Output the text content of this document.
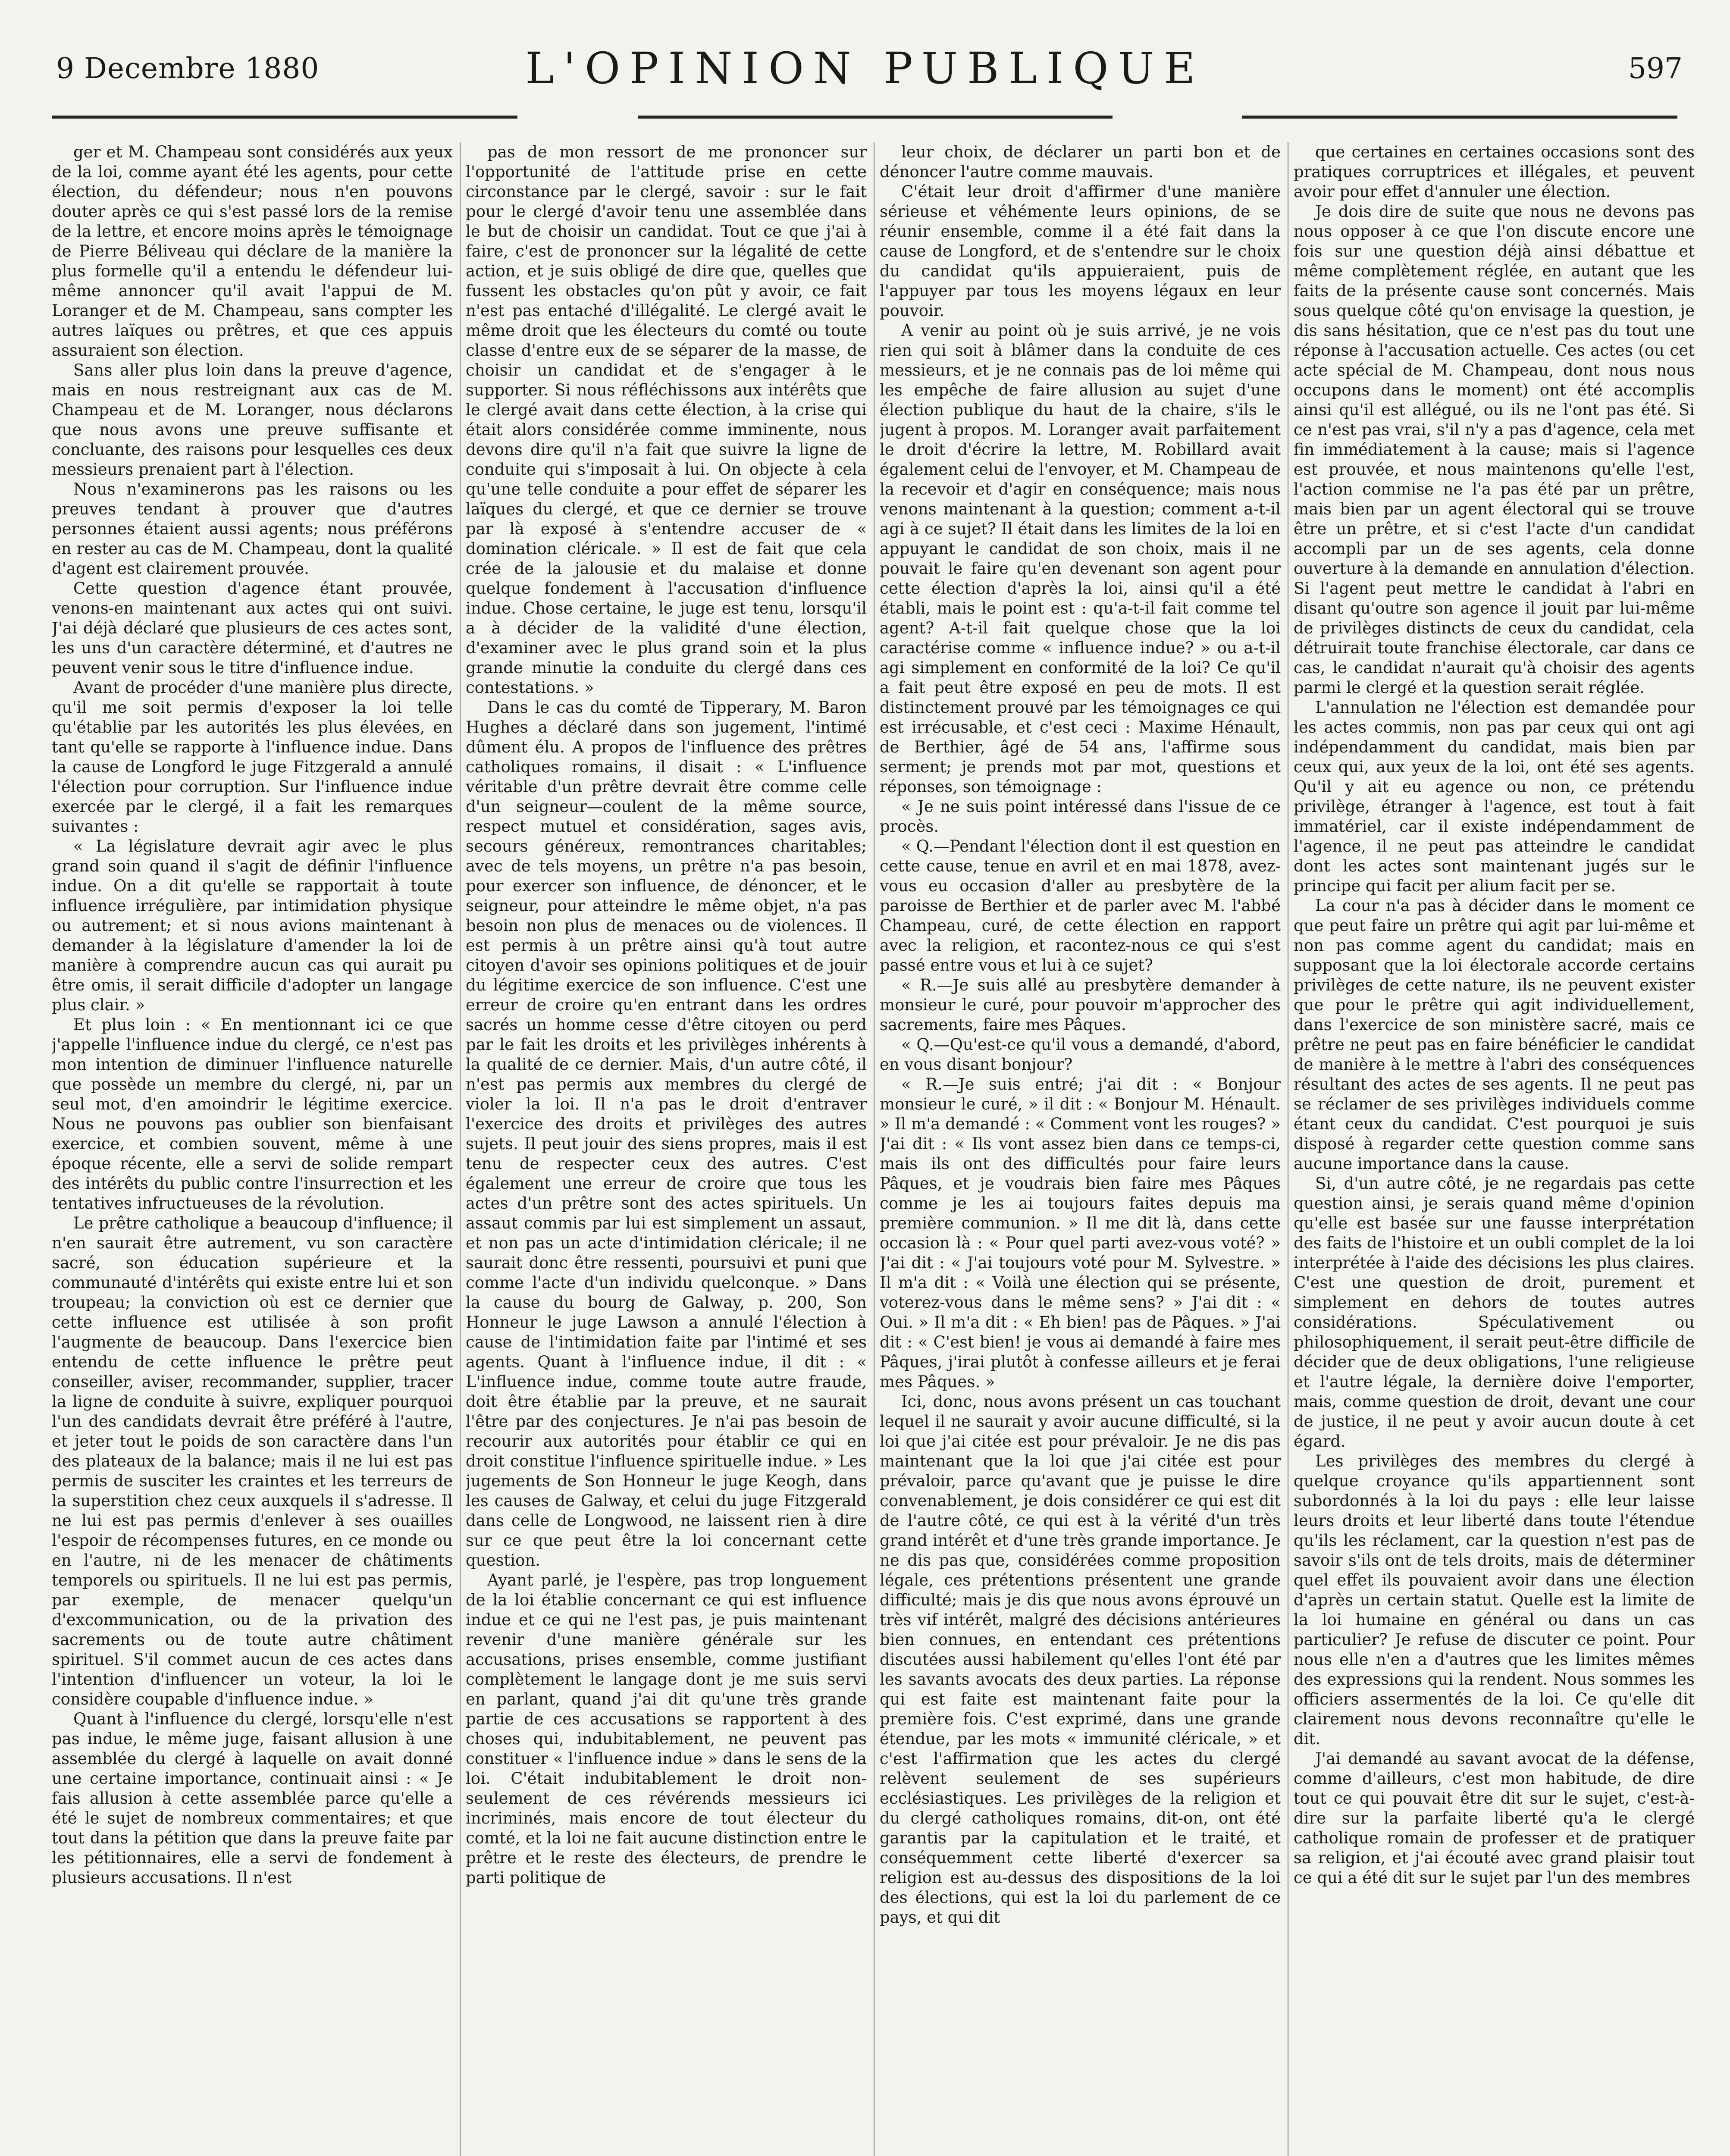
9 Decembre 1880	L'OPINION PUBLIQUE	597

ger et M. Champeau sont considérés aux yeux de la loi, comme ayant été les agents, pour cette élection, du défendeur; nous n'en pouvons douter après ce qui s'est passé lors de la remise de la lettre, et encore moins après le témoignage de Pierre Béliveau qui déclare de la manière la plus formelle qu'il a entendu le défendeur lui-même annoncer qu'il avait l'appui de M. Loranger et de M. Champeau, sans compter les autres laïques ou prêtres, et que ces appuis assuraient son élection.

Sans aller plus loin dans la preuve d'agence, mais en nous restreignant aux cas de M. Champeau et de M. Loranger, nous déclarons que nous avons une preuve suffisante et concluante, des raisons pour lesquelles ces deux messieurs prenaient part à l'élection.

Nous n'examinerons pas les raisons ou les preuves tendant à prouver que d'autres personnes étaient aussi agents; nous préférons en rester au cas de M. Champeau, dont la qualité d'agent est clairement prouvée.

Cette question d'agence étant prouvée, venons-en maintenant aux actes qui ont suivi. J'ai déjà déclaré que plusieurs de ces actes sont, les uns d'un caractère déterminé, et d'autres ne peuvent venir sous le titre d'influence indue.

Avant de procéder d'une manière plus directe, qu'il me soit permis d'exposer la loi telle qu'établie par les autorités les plus élevées, en tant qu'elle se rapporte à l'influence indue. Dans la cause de Longford le juge Fitzgerald a annulé l'élection pour corruption. Sur l'influence indue exercée par le clergé, il a fait les remarques suivantes :

« La législature devrait agir avec le plus grand soin quand il s'agit de définir l'influence indue. On a dit qu'elle se rapportait à toute influence irrégulière, par intimidation physique ou autrement; et si nous avions maintenant à demander à la législature d'amender la loi de manière à comprendre aucun cas qui aurait pu être omis, il serait difficile d'adopter un langage plus clair. »

Et plus loin : « En mentionnant ici ce que j'appelle l'influence indue du clergé, ce n'est pas mon intention de diminuer l'influence naturelle que possède un membre du clergé, ni, par un seul mot, d'en amoindrir le légitime exercice. Nous ne pouvons pas oublier son bienfaisant exercice, et combien souvent, même à une époque récente, elle a servi de solide rempart des intérêts du public contre l'insurrection et les tentatives infructueuses de la révolution.

Le prêtre catholique a beaucoup d'influence; il n'en saurait être autrement, vu son caractère sacré, son éducation supérieure et la communauté d'intérêts qui existe entre lui et son troupeau; la conviction où est ce dernier que cette influence est utilisée à son profit l'augmente de beaucoup. Dans l'exercice bien entendu de cette influence le prêtre peut conseiller, aviser, recommander, supplier, tracer la ligne de conduite à suivre, expliquer pourquoi l'un des candidats devrait être préféré à l'autre, et jeter tout le poids de son caractère dans l'un des plateaux de la balance; mais il ne lui est pas permis de susciter les craintes et les terreurs de la superstition chez ceux auxquels il s'adresse. Il ne lui est pas permis d'enlever à ses ouailles l'espoir de récompenses futures, en ce monde ou en l'autre, ni de les menacer de châtiments temporels ou spirituels. Il ne lui est pas permis, par exemple, de menacer quelqu'un d'excommunication, ou de la privation des sacrements ou de toute autre châtiment spirituel. S'il commet aucun de ces actes dans l'intention d'influencer un voteur, la loi le considère coupable d'influence indue. »

Quant à l'influence du clergé, lorsqu'elle n'est pas indue, le même juge, faisant allusion à une assemblée du clergé à laquelle on avait donné une certaine importance, continuait ainsi : « Je fais allusion à cette assemblée parce qu'elle a été le sujet de nombreux commentaires; et que tout dans la pétition que dans la preuve faite par les pétitionnaires, elle a servi de fondement à plusieurs accusations. Il n'est

pas de mon ressort de me prononcer sur l'opportunité de l'attitude prise en cette circonstance par le clergé, savoir : sur le fait pour le clergé d'avoir tenu une assemblée dans le but de choisir un candidat. Tout ce que j'ai à faire, c'est de prononcer sur la légalité de cette action, et je suis obligé de dire que, quelles que fussent les obstacles qu'on pût y avoir, ce fait n'est pas entaché d'illégalité. Le clergé avait le même droit que les électeurs du comté ou toute classe d'entre eux de se séparer de la masse, de choisir un candidat et de s'engager à le supporter. Si nous réfléchissons aux intérêts que le clergé avait dans cette élection, à la crise qui était alors considérée comme imminente, nous devons dire qu'il n'a fait que suivre la ligne de conduite qui s'imposait à lui. On objecte à cela qu'une telle conduite a pour effet de séparer les laïques du clergé, et que ce dernier se trouve par là exposé à s'entendre accuser de « domination cléricale. » Il est de fait que cela crée de la jalousie et du malaise et donne quelque fondement à l'accusation d'influence indue. Chose certaine, le juge est tenu, lorsqu'il a à décider de la validité d'une élection, d'examiner avec le plus grand soin et la plus grande minutie la conduite du clergé dans ces contestations. »

Dans le cas du comté de Tipperary, M. Baron Hughes a déclaré dans son jugement, l'intimé dûment élu. A propos de l'influence des prêtres catholiques romains, il disait : « L'influence véritable d'un prêtre devrait être comme celle d'un seigneur—coulent de la même source, respect mutuel et considération, sages avis, secours généreux, remontrances charitables; avec de tels moyens, un prêtre n'a pas besoin, pour exercer son influence, de dénoncer, et le seigneur, pour atteindre le même objet, n'a pas besoin non plus de menaces ou de violences. Il est permis à un prêtre ainsi qu'à tout autre citoyen d'avoir ses opinions politiques et de jouir du légitime exercice de son influence. C'est une erreur de croire qu'en entrant dans les ordres sacrés un homme cesse d'être citoyen ou perd par le fait les droits et les privilèges inhérents à la qualité de ce dernier. Mais, d'un autre côté, il n'est pas permis aux membres du clergé de violer la loi. Il n'a pas le droit d'entraver l'exercice des droits et privilèges des autres sujets. Il peut jouir des siens propres, mais il est tenu de respecter ceux des autres. C'est également une erreur de croire que tous les actes d'un prêtre sont des actes spirituels. Un assaut commis par lui est simplement un assaut, et non pas un acte d'intimidation cléricale; il ne saurait donc être ressenti, poursuivi et puni que comme l'acte d'un individu quelconque. » Dans la cause du bourg de Galway, p. 200, Son Honneur le juge Lawson a annulé l'élection à cause de l'intimidation faite par l'intimé et ses agents. Quant à l'influence indue, il dit : « L'influence indue, comme toute autre fraude, doit être établie par la preuve, et ne saurait l'être par des conjectures. Je n'ai pas besoin de recourir aux autorités pour établir ce qui en droit constitue l'influence spirituelle indue. » Les jugements de Son Honneur le juge Keogh, dans les causes de Galway, et celui du juge Fitzgerald dans celle de Longwood, ne laissent rien à dire sur ce que peut être la loi concernant cette question.

Ayant parlé, je l'espère, pas trop longuement de la loi établie concernant ce qui est influence indue et ce qui ne l'est pas, je puis maintenant revenir d'une manière générale sur les accusations, prises ensemble, comme justifiant complètement le langage dont je me suis servi en parlant, quand j'ai dit qu'une très grande partie de ces accusations se rapportent à des choses qui, indubitablement, ne peuvent pas constituer « l'influence indue » dans le sens de la loi. C'était indubitablement le droit non-seulement de ces révérends messieurs ici incriminés, mais encore de tout électeur du comté, et la loi ne fait aucune distinction entre le prêtre et le reste des électeurs, de prendre le parti politique de

leur choix, de déclarer un parti bon et de dénoncer l'autre comme mauvais.

C'était leur droit d'affirmer d'une manière sérieuse et véhémente leurs opinions, de se réunir ensemble, comme il a été fait dans la cause de Longford, et de s'entendre sur le choix du candidat qu'ils appuieraient, puis de l'appuyer par tous les moyens légaux en leur pouvoir.

A venir au point où je suis arrivé, je ne vois rien qui soit à blâmer dans la conduite de ces messieurs, et je ne connais pas de loi même qui les empêche de faire allusion au sujet d'une élection publique du haut de la chaire, s'ils le jugent à propos. M. Loranger avait parfaitement le droit d'écrire la lettre, M. Robillard avait également celui de l'envoyer, et M. Champeau de la recevoir et d'agir en conséquence; mais nous venons maintenant à la question; comment a-t-il agi à ce sujet? Il était dans les limites de la loi en appuyant le candidat de son choix, mais il ne pouvait le faire qu'en devenant son agent pour cette élection d'après la loi, ainsi qu'il a été établi, mais le point est : qu'a-t-il fait comme tel agent? A-t-il fait quelque chose que la loi caractérise comme « influence indue? » ou a-t-il agi simplement en conformité de la loi? Ce qu'il a fait peut être exposé en peu de mots. Il est distinctement prouvé par les témoignages ce qui est irrécusable, et c'est ceci : Maxime Hénault, de Berthier, âgé de 54 ans, l'affirme sous serment; je prends mot par mot, questions et réponses, son témoignage :

« Je ne suis point intéressé dans l'issue de ce procès.

« Q.—Pendant l'élection dont il est question en cette cause, tenue en avril et en mai 1878, avez-vous eu occasion d'aller au presbytère de la paroisse de Berthier et de parler avec M. l'abbé Champeau, curé, de cette élection en rapport avec la religion, et racontez-nous ce qui s'est passé entre vous et lui à ce sujet?

« R.—Je suis allé au presbytère demander à monsieur le curé, pour pouvoir m'approcher des sacrements, faire mes Pâques.

« Q.—Qu'est-ce qu'il vous a demandé, d'abord, en vous disant bonjour?

« R.—Je suis entré; j'ai dit : « Bonjour monsieur le curé, » il dit : « Bonjour M. Hénault. » Il m'a demandé : « Comment vont les rouges? » J'ai dit : « Ils vont assez bien dans ce temps-ci, mais ils ont des difficultés pour faire leurs Pâques, et je voudrais bien faire mes Pâques comme je les ai toujours faites depuis ma première communion. » Il me dit là, dans cette occasion là : « Pour quel parti avez-vous voté? » J'ai dit : « J'ai toujours voté pour M. Sylvestre. » Il m'a dit : « Voilà une élection qui se présente, voterez-vous dans le même sens? » J'ai dit : « Oui. » Il m'a dit : « Eh bien! pas de Pâques. » J'ai dit : « C'est bien! je vous ai demandé à faire mes Pâques, j'irai plutôt à confesse ailleurs et je ferai mes Pâques. »

Ici, donc, nous avons présent un cas touchant lequel il ne saurait y avoir aucune difficulté, si la loi que j'ai citée est pour prévaloir. Je ne dis pas maintenant que la loi que j'ai citée est pour prévaloir, parce qu'avant que je puisse le dire convenablement, je dois considérer ce qui est dit de l'autre côté, ce qui est à la vérité d'un très grand intérêt et d'une très grande importance. Je ne dis pas que, considérées comme proposition légale, ces prétentions présentent une grande difficulté; mais je dis que nous avons éprouvé un très vif intérêt, malgré des décisions antérieures bien connues, en entendant ces prétentions discutées aussi habilement qu'elles l'ont été par les savants avocats des deux parties. La réponse qui est faite est maintenant faite pour la première fois. C'est exprimé, dans une grande étendue, par les mots « immunité cléricale, » et c'est l'affirmation que les actes du clergé relèvent seulement de ses supérieurs ecclésiastiques. Les privilèges de la religion et du clergé catholiques romains, dit-on, ont été garantis par la capitulation et le traité, et conséquemment cette liberté d'exercer sa religion est au-dessus des dispositions de la loi des élections, qui est la loi du parlement de ce pays, et qui dit

que certaines en certaines occasions sont des pratiques corruptrices et illégales, et peuvent avoir pour effet d'annuler une élection.

Je dois dire de suite que nous ne devons pas nous opposer à ce que l'on discute encore une fois sur une question déjà ainsi débattue et même complètement réglée, en autant que les faits de la présente cause sont concernés. Mais sous quelque côté qu'on envisage la question, je dis sans hésitation, que ce n'est pas du tout une réponse à l'accusation actuelle. Ces actes (ou cet acte spécial de M. Champeau, dont nous nous occupons dans le moment) ont été accomplis ainsi qu'il est allégué, ou ils ne l'ont pas été. Si ce n'est pas vrai, s'il n'y a pas d'agence, cela met fin immédiatement à la cause; mais si l'agence est prouvée, et nous maintenons qu'elle l'est, l'action commise ne l'a pas été par un prêtre, mais bien par un agent électoral qui se trouve être un prêtre, et si c'est l'acte d'un candidat accompli par un de ses agents, cela donne ouverture à la demande en annulation d'élection. Si l'agent peut mettre le candidat à l'abri en disant qu'outre son agence il jouit par lui-même de privilèges distincts de ceux du candidat, cela détruirait toute franchise électorale, car dans ce cas, le candidat n'aurait qu'à choisir des agents parmi le clergé et la question serait réglée.

L'annulation ne l'élection est demandée pour les actes commis, non pas par ceux qui ont agi indépendamment du candidat, mais bien par ceux qui, aux yeux de la loi, ont été ses agents. Qu'il y ait eu agence ou non, ce prétendu privilège, étranger à l'agence, est tout à fait immatériel, car il existe indépendamment de l'agence, il ne peut pas atteindre le candidat dont les actes sont maintenant jugés sur le principe qui facit per alium facit per se.

La cour n'a pas à décider dans le moment ce que peut faire un prêtre qui agit par lui-même et non pas comme agent du candidat; mais en supposant que la loi électorale accorde certains privilèges de cette nature, ils ne peuvent exister que pour le prêtre qui agit individuellement, dans l'exercice de son ministère sacré, mais ce prêtre ne peut pas en faire bénéficier le candidat de manière à le mettre à l'abri des conséquences résultant des actes de ses agents. Il ne peut pas se réclamer de ses privilèges individuels comme étant ceux du candidat. C'est pourquoi je suis disposé à regarder cette question comme sans aucune importance dans la cause.

Si, d'un autre côté, je ne regardais pas cette question ainsi, je serais quand même d'opinion qu'elle est basée sur une fausse interprétation des faits de l'histoire et un oubli complet de la loi interprétée à l'aide des décisions les plus claires. C'est une question de droit, purement et simplement en dehors de toutes autres considérations. Spéculativement ou philosophiquement, il serait peut-être difficile de décider que de deux obligations, l'une religieuse et l'autre légale, la dernière doive l'emporter, mais, comme question de droit, devant une cour de justice, il ne peut y avoir aucun doute à cet égard.

Les privilèges des membres du clergé à quelque croyance qu'ils appartiennent sont subordonnés à la loi du pays : elle leur laisse leurs droits et leur liberté dans toute l'étendue qu'ils les réclament, car la question n'est pas de savoir s'ils ont de tels droits, mais de déterminer quel effet ils pouvaient avoir dans une élection d'après un certain statut. Quelle est la limite de la loi humaine en général ou dans un cas particulier? Je refuse de discuter ce point. Pour nous elle n'en a d'autres que les limites mêmes des expressions qui la rendent. Nous sommes les officiers assermentés de la loi. Ce qu'elle dit clairement nous devons reconnaître qu'elle le dit.

J'ai demandé au savant avocat de la défense, comme d'ailleurs, c'est mon habitude, de dire tout ce qui pouvait être dit sur le sujet, c'est-à-dire sur la parfaite liberté qu'a le clergé catholique romain de professer et de pratiquer sa religion, et j'ai écouté avec grand plaisir tout ce qui a été dit sur le sujet par l'un des membres
